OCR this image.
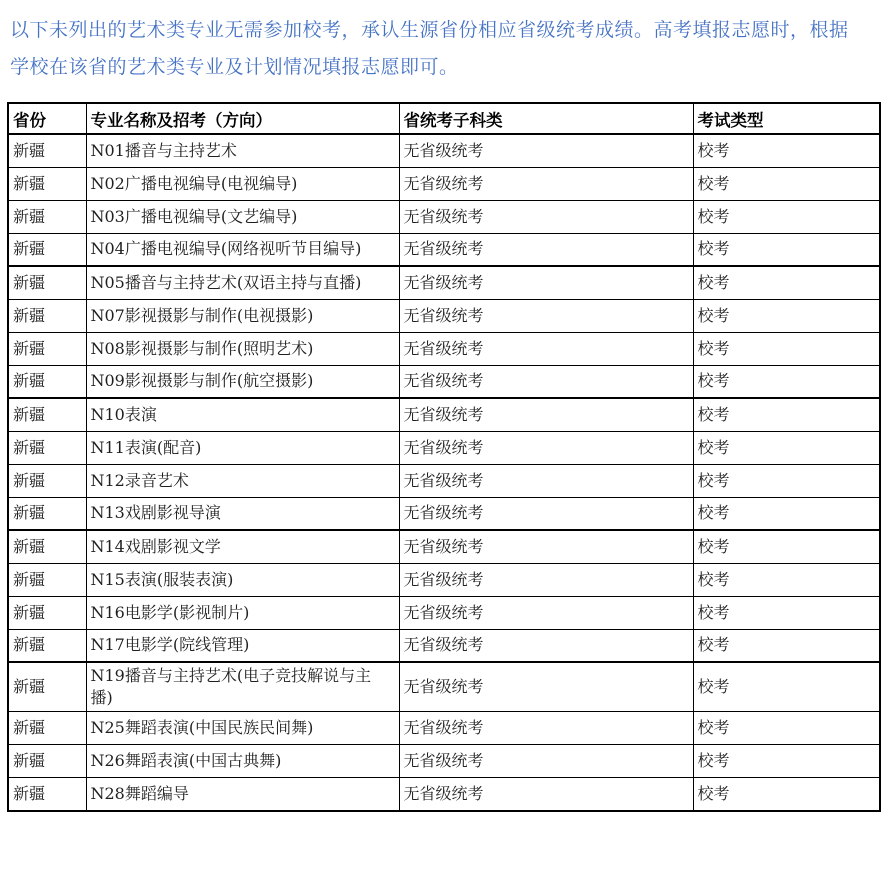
以下未列出的艺术类专业无需参加校考，承认生源省份相应省级统考成绩。高考填报志愿时，根据学校在该省的艺术类专业及计划情况填报志愿即可。

省份	专业名称及招考（方向）	省统考子科类	考试类型
新疆	N01播音与主持艺术	无省级统考	校考
新疆	N02广播电视编导(电视编导)	无省级统考	校考
新疆	N03广播电视编导(文艺编导)	无省级统考	校考
新疆	N04广播电视编导(网络视听节目编导)	无省级统考	校考
新疆	N05播音与主持艺术(双语主持与直播)	无省级统考	校考
新疆	N07影视摄影与制作(电视摄影)	无省级统考	校考
新疆	N08影视摄影与制作(照明艺术)	无省级统考	校考
新疆	N09影视摄影与制作(航空摄影)	无省级统考	校考
新疆	N10表演	无省级统考	校考
新疆	N11表演(配音)	无省级统考	校考
新疆	N12录音艺术	无省级统考	校考
新疆	N13戏剧影视导演	无省级统考	校考
新疆	N14戏剧影视文学	无省级统考	校考
新疆	N15表演(服装表演)	无省级统考	校考
新疆	N16电影学(影视制片)	无省级统考	校考
新疆	N17电影学(院线管理)	无省级统考	校考
新疆	N19播音与主持艺术(电子竞技解说与主播)	无省级统考	校考
新疆	N25舞蹈表演(中国民族民间舞)	无省级统考	校考
新疆	N26舞蹈表演(中国古典舞)	无省级统考	校考
新疆	N28舞蹈编导	无省级统考	校考
